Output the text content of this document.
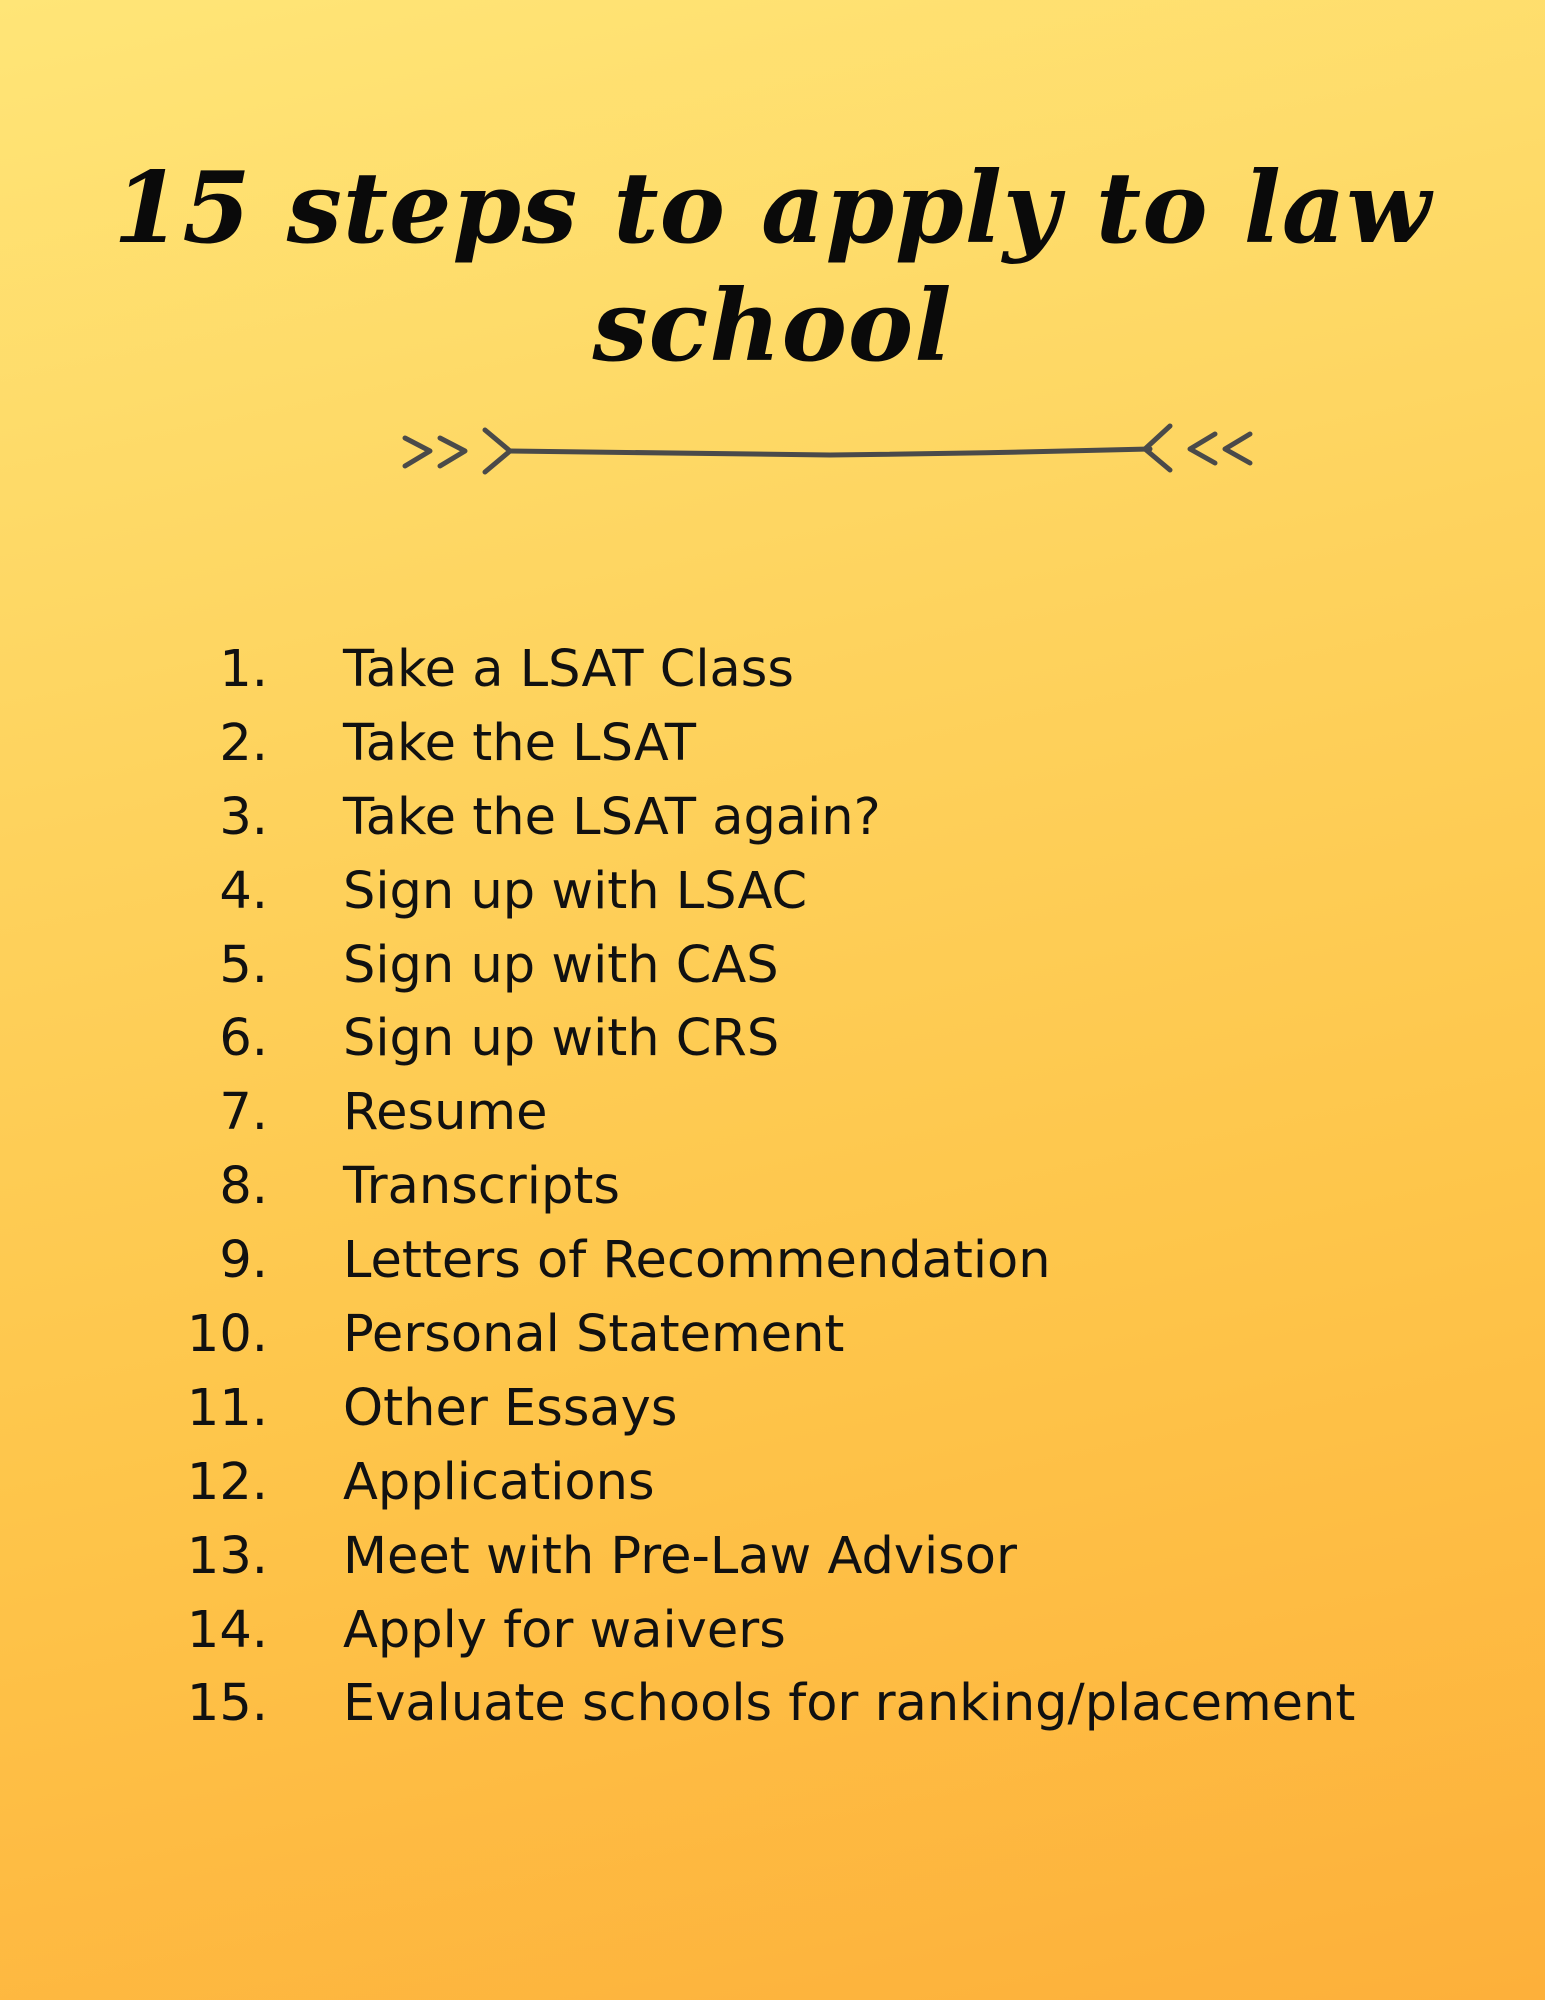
15 steps to apply to law school
1. Take a LSAT Class
2. Take the LSAT
3. Take the LSAT again?
4. Sign up with LSAC
5. Sign up with CAS
6. Sign up with CRS
7. Resume
8. Transcripts
9. Letters of Recommendation
10. Personal Statement
11. Other Essays
12. Applications
13. Meet with Pre-Law Advisor
14. Apply for waivers
15. Evaluate schools for ranking/placement
